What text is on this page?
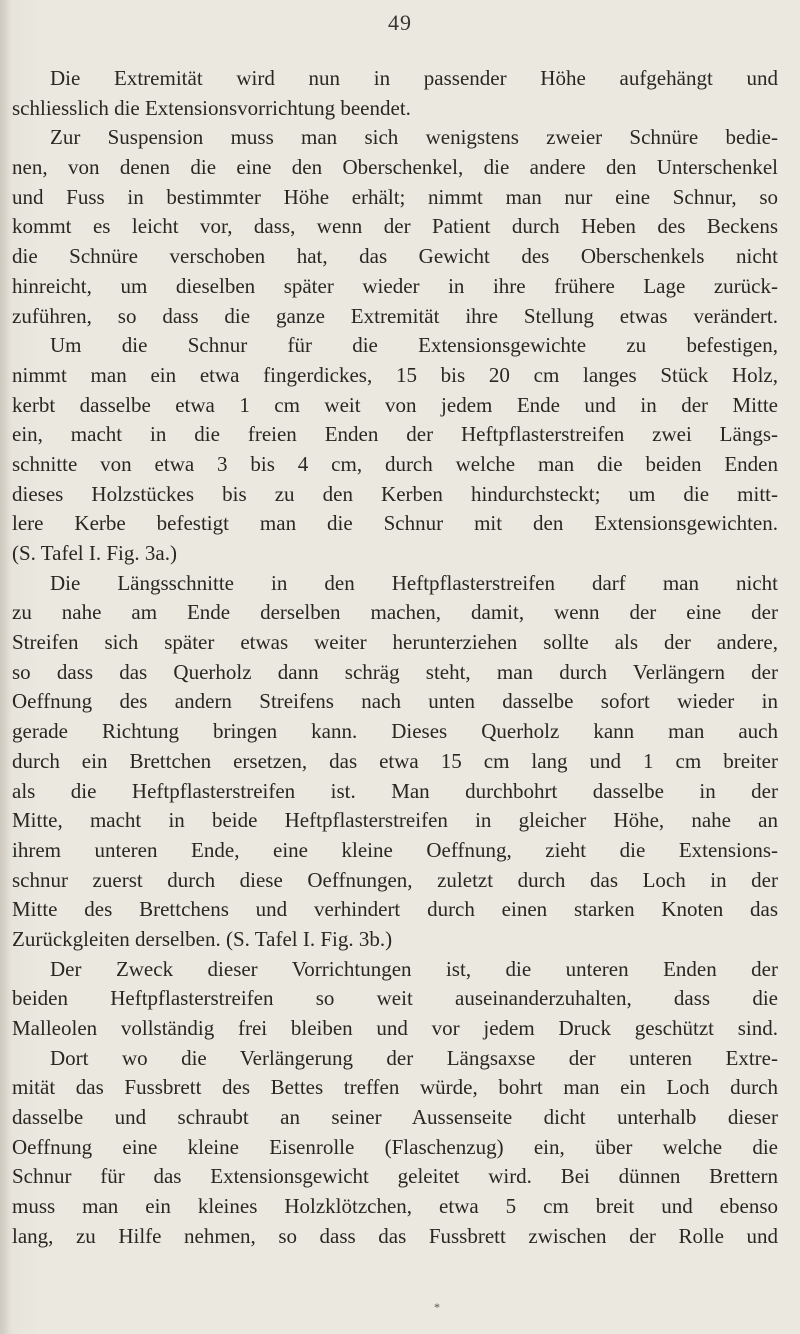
49
Die Extremität wird nun in passender Höhe aufgehängt und
schliesslich die Extensionsvorrichtung beendet.
Zur Suspension muss man sich wenigstens zweier Schnüre bedie-
nen, von denen die eine den Oberschenkel, die andere den Unterschenkel
und Fuss in bestimmter Höhe erhält; nimmt man nur eine Schnur, so
kommt es leicht vor, dass, wenn der Patient durch Heben des Beckens
die Schnüre verschoben hat, das Gewicht des Oberschenkels nicht
hinreicht, um dieselben später wieder in ihre frühere Lage zurück-
zuführen, so dass die ganze Extremität ihre Stellung etwas verändert.
Um die Schnur für die Extensionsgewichte zu befestigen,
nimmt man ein etwa fingerdickes, 15 bis 20 cm langes Stück Holz,
kerbt dasselbe etwa 1 cm weit von jedem Ende und in der Mitte
ein, macht in die freien Enden der Heftpflasterstreifen zwei Längs-
schnitte von etwa 3 bis 4 cm, durch welche man die beiden Enden
dieses Holzstückes bis zu den Kerben hindurchsteckt; um die mitt-
lere Kerbe befestigt man die Schnur mit den Extensionsgewichten.
(S. Tafel I. Fig. 3a.)
Die Längsschnitte in den Heftpflasterstreifen darf man nicht
zu nahe am Ende derselben machen, damit, wenn der eine der
Streifen sich später etwas weiter herunterziehen sollte als der andere,
so dass das Querholz dann schräg steht, man durch Verlängern der
Oeffnung des andern Streifens nach unten dasselbe sofort wieder in
gerade Richtung bringen kann. Dieses Querholz kann man auch
durch ein Brettchen ersetzen, das etwa 15 cm lang und 1 cm breiter
als die Heftpflasterstreifen ist. Man durchbohrt dasselbe in der
Mitte, macht in beide Heftpflasterstreifen in gleicher Höhe, nahe an
ihrem unteren Ende, eine kleine Oeffnung, zieht die Extensions-
schnur zuerst durch diese Oeffnungen, zuletzt durch das Loch in der
Mitte des Brettchens und verhindert durch einen starken Knoten das
Zurückgleiten derselben. (S. Tafel I. Fig. 3b.)
Der Zweck dieser Vorrichtungen ist, die unteren Enden der
beiden Heftpflasterstreifen so weit auseinanderzuhalten, dass die
Malleolen vollständig frei bleiben und vor jedem Druck geschützt sind.
Dort wo die Verlängerung der Längsaxse der unteren Extre-
mität das Fussbrett des Bettes treffen würde, bohrt man ein Loch durch
dasselbe und schraubt an seiner Aussenseite dicht unterhalb dieser
Oeffnung eine kleine Eisenrolle (Flaschenzug) ein, über welche die
Schnur für das Extensionsgewicht geleitet wird. Bei dünnen Brettern
muss man ein kleines Holzklötzchen, etwa 5 cm breit und ebenso
lang, zu Hilfe nehmen, so dass das Fussbrett zwischen der Rolle und
*
